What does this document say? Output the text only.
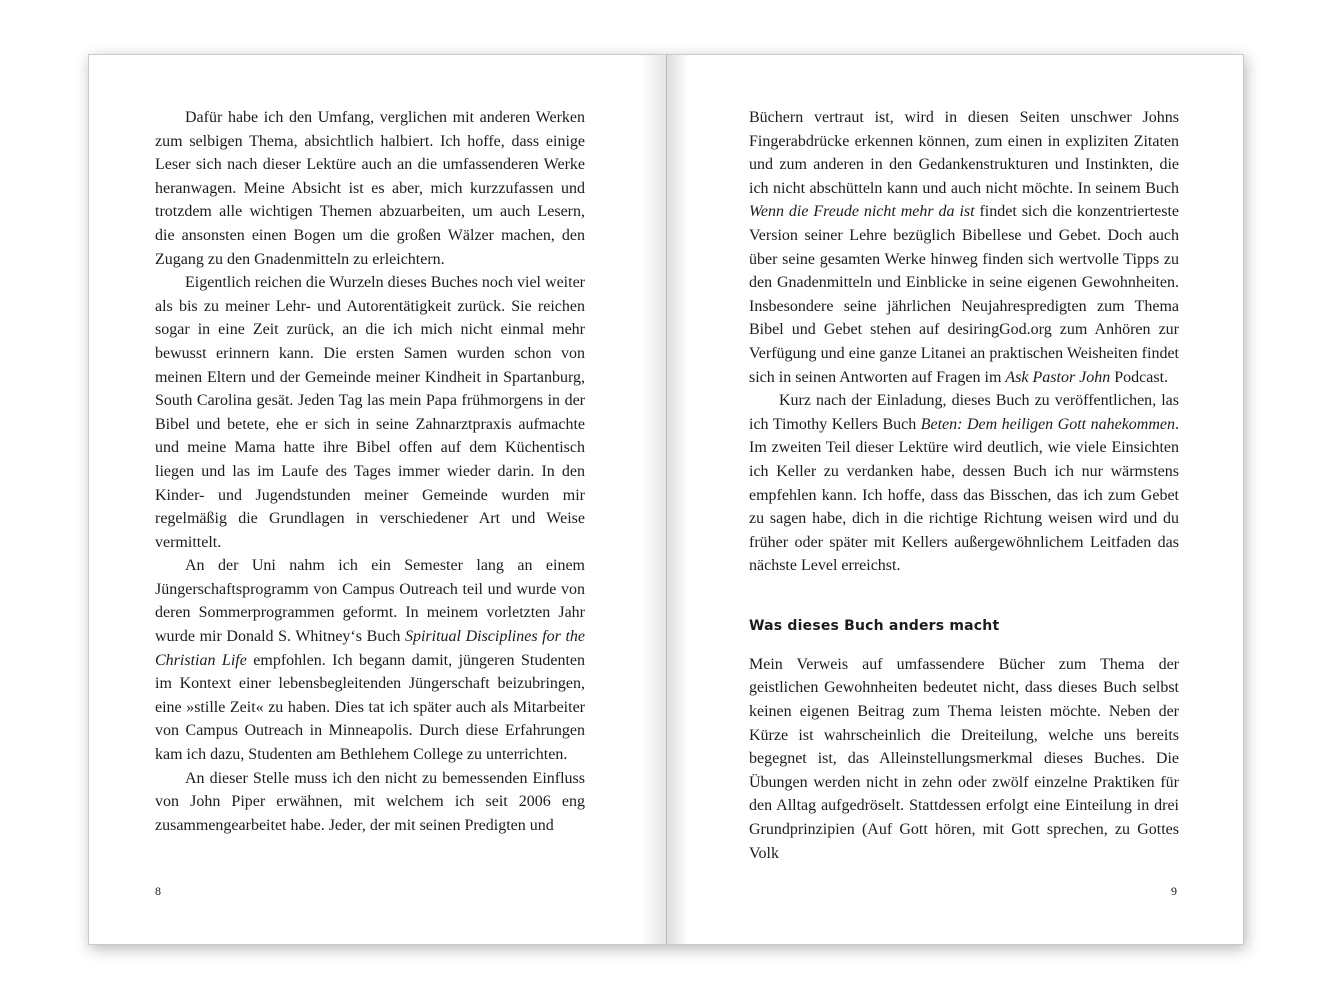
Dafür habe ich den Umfang, verglichen mit anderen Werken zum selbigen Thema, absichtlich halbiert. Ich hoffe, dass einige Leser sich nach dieser Lektüre auch an die umfassenderen Werke heranwagen. Meine Absicht ist es aber, mich kurzzufassen und trotzdem alle wichtigen Themen abzuarbeiten, um auch Lesern, die ansonsten einen Bogen um die großen Wälzer machen, den Zugang zu den Gnadenmitteln zu erleichtern.

Eigentlich reichen die Wurzeln dieses Buches noch viel weiter als bis zu meiner Lehr- und Autorentätigkeit zurück. Sie reichen sogar in eine Zeit zurück, an die ich mich nicht einmal mehr bewusst erinnern kann. Die ersten Samen wurden schon von meinen Eltern und der Gemeinde meiner Kindheit in Spartanburg, South Carolina gesät. Jeden Tag las mein Papa frühmorgens in der Bibel und betete, ehe er sich in seine Zahnarztpraxis aufmachte und meine Mama hatte ihre Bibel offen auf dem Küchentisch liegen und las im Laufe des Tages immer wieder darin. In den Kinder- und Jugendstunden meiner Gemeinde wurden mir regelmäßig die Grundlagen in verschiedener Art und Weise vermittelt.

An der Uni nahm ich ein Semester lang an einem Jüngerschaftsprogramm von Campus Outreach teil und wurde von deren Sommerprogrammen geformt. In meinem vorletzten Jahr wurde mir Donald S. Whitney‘s Buch Spiritual Disciplines for the Christian Life empfohlen. Ich begann damit, jüngeren Studenten im Kontext einer lebensbegleitenden Jüngerschaft beizubringen, eine »stille Zeit« zu haben. Dies tat ich später auch als Mitarbeiter von Campus Outreach in Minneapolis. Durch diese Erfahrungen kam ich dazu, Studenten am Bethlehem College zu unterrichten.

An dieser Stelle muss ich den nicht zu bemessenden Einfluss von John Piper erwähnen, mit welchem ich seit 2006 eng zusammengearbeitet habe. Jeder, der mit seinen Predigten und

8

Büchern vertraut ist, wird in diesen Seiten unschwer Johns Fingerabdrücke erkennen können, zum einen in expliziten Zitaten und zum anderen in den Gedankenstrukturen und Instinkten, die ich nicht abschütteln kann und auch nicht möchte. In seinem Buch Wenn die Freude nicht mehr da ist findet sich die konzentrierteste Version seiner Lehre bezüglich Bibellese und Gebet. Doch auch über seine gesamten Werke hinweg finden sich wertvolle Tipps zu den Gnadenmitteln und Einblicke in seine eigenen Gewohnheiten. Insbesondere seine jährlichen Neujahrespredigten zum Thema Bibel und Gebet stehen auf desiringGod.org zum Anhören zur Verfügung und eine ganze Litanei an praktischen Weisheiten findet sich in seinen Antworten auf Fragen im Ask Pastor John Podcast.

Kurz nach der Einladung, dieses Buch zu veröffentlichen, las ich Timothy Kellers Buch Beten: Dem heiligen Gott nahekommen. Im zweiten Teil dieser Lektüre wird deutlich, wie viele Einsichten ich Keller zu verdanken habe, dessen Buch ich nur wärmstens empfehlen kann. Ich hoffe, dass das Bisschen, das ich zum Gebet zu sagen habe, dich in die richtige Richtung weisen wird und du früher oder später mit Kellers außergewöhnlichem Leitfaden das nächste Level erreichst.

Was dieses Buch anders macht

Mein Verweis auf umfassendere Bücher zum Thema der geistlichen Gewohnheiten bedeutet nicht, dass dieses Buch selbst keinen eigenen Beitrag zum Thema leisten möchte. Neben der Kürze ist wahrscheinlich die Dreiteilung, welche uns bereits begegnet ist, das Alleinstellungsmerkmal dieses Buches. Die Übungen werden nicht in zehn oder zwölf einzelne Praktiken für den Alltag aufgedröselt. Stattdessen erfolgt eine Einteilung in drei Grundprinzipien (Auf Gott hören, mit Gott sprechen, zu Gottes Volk

9
